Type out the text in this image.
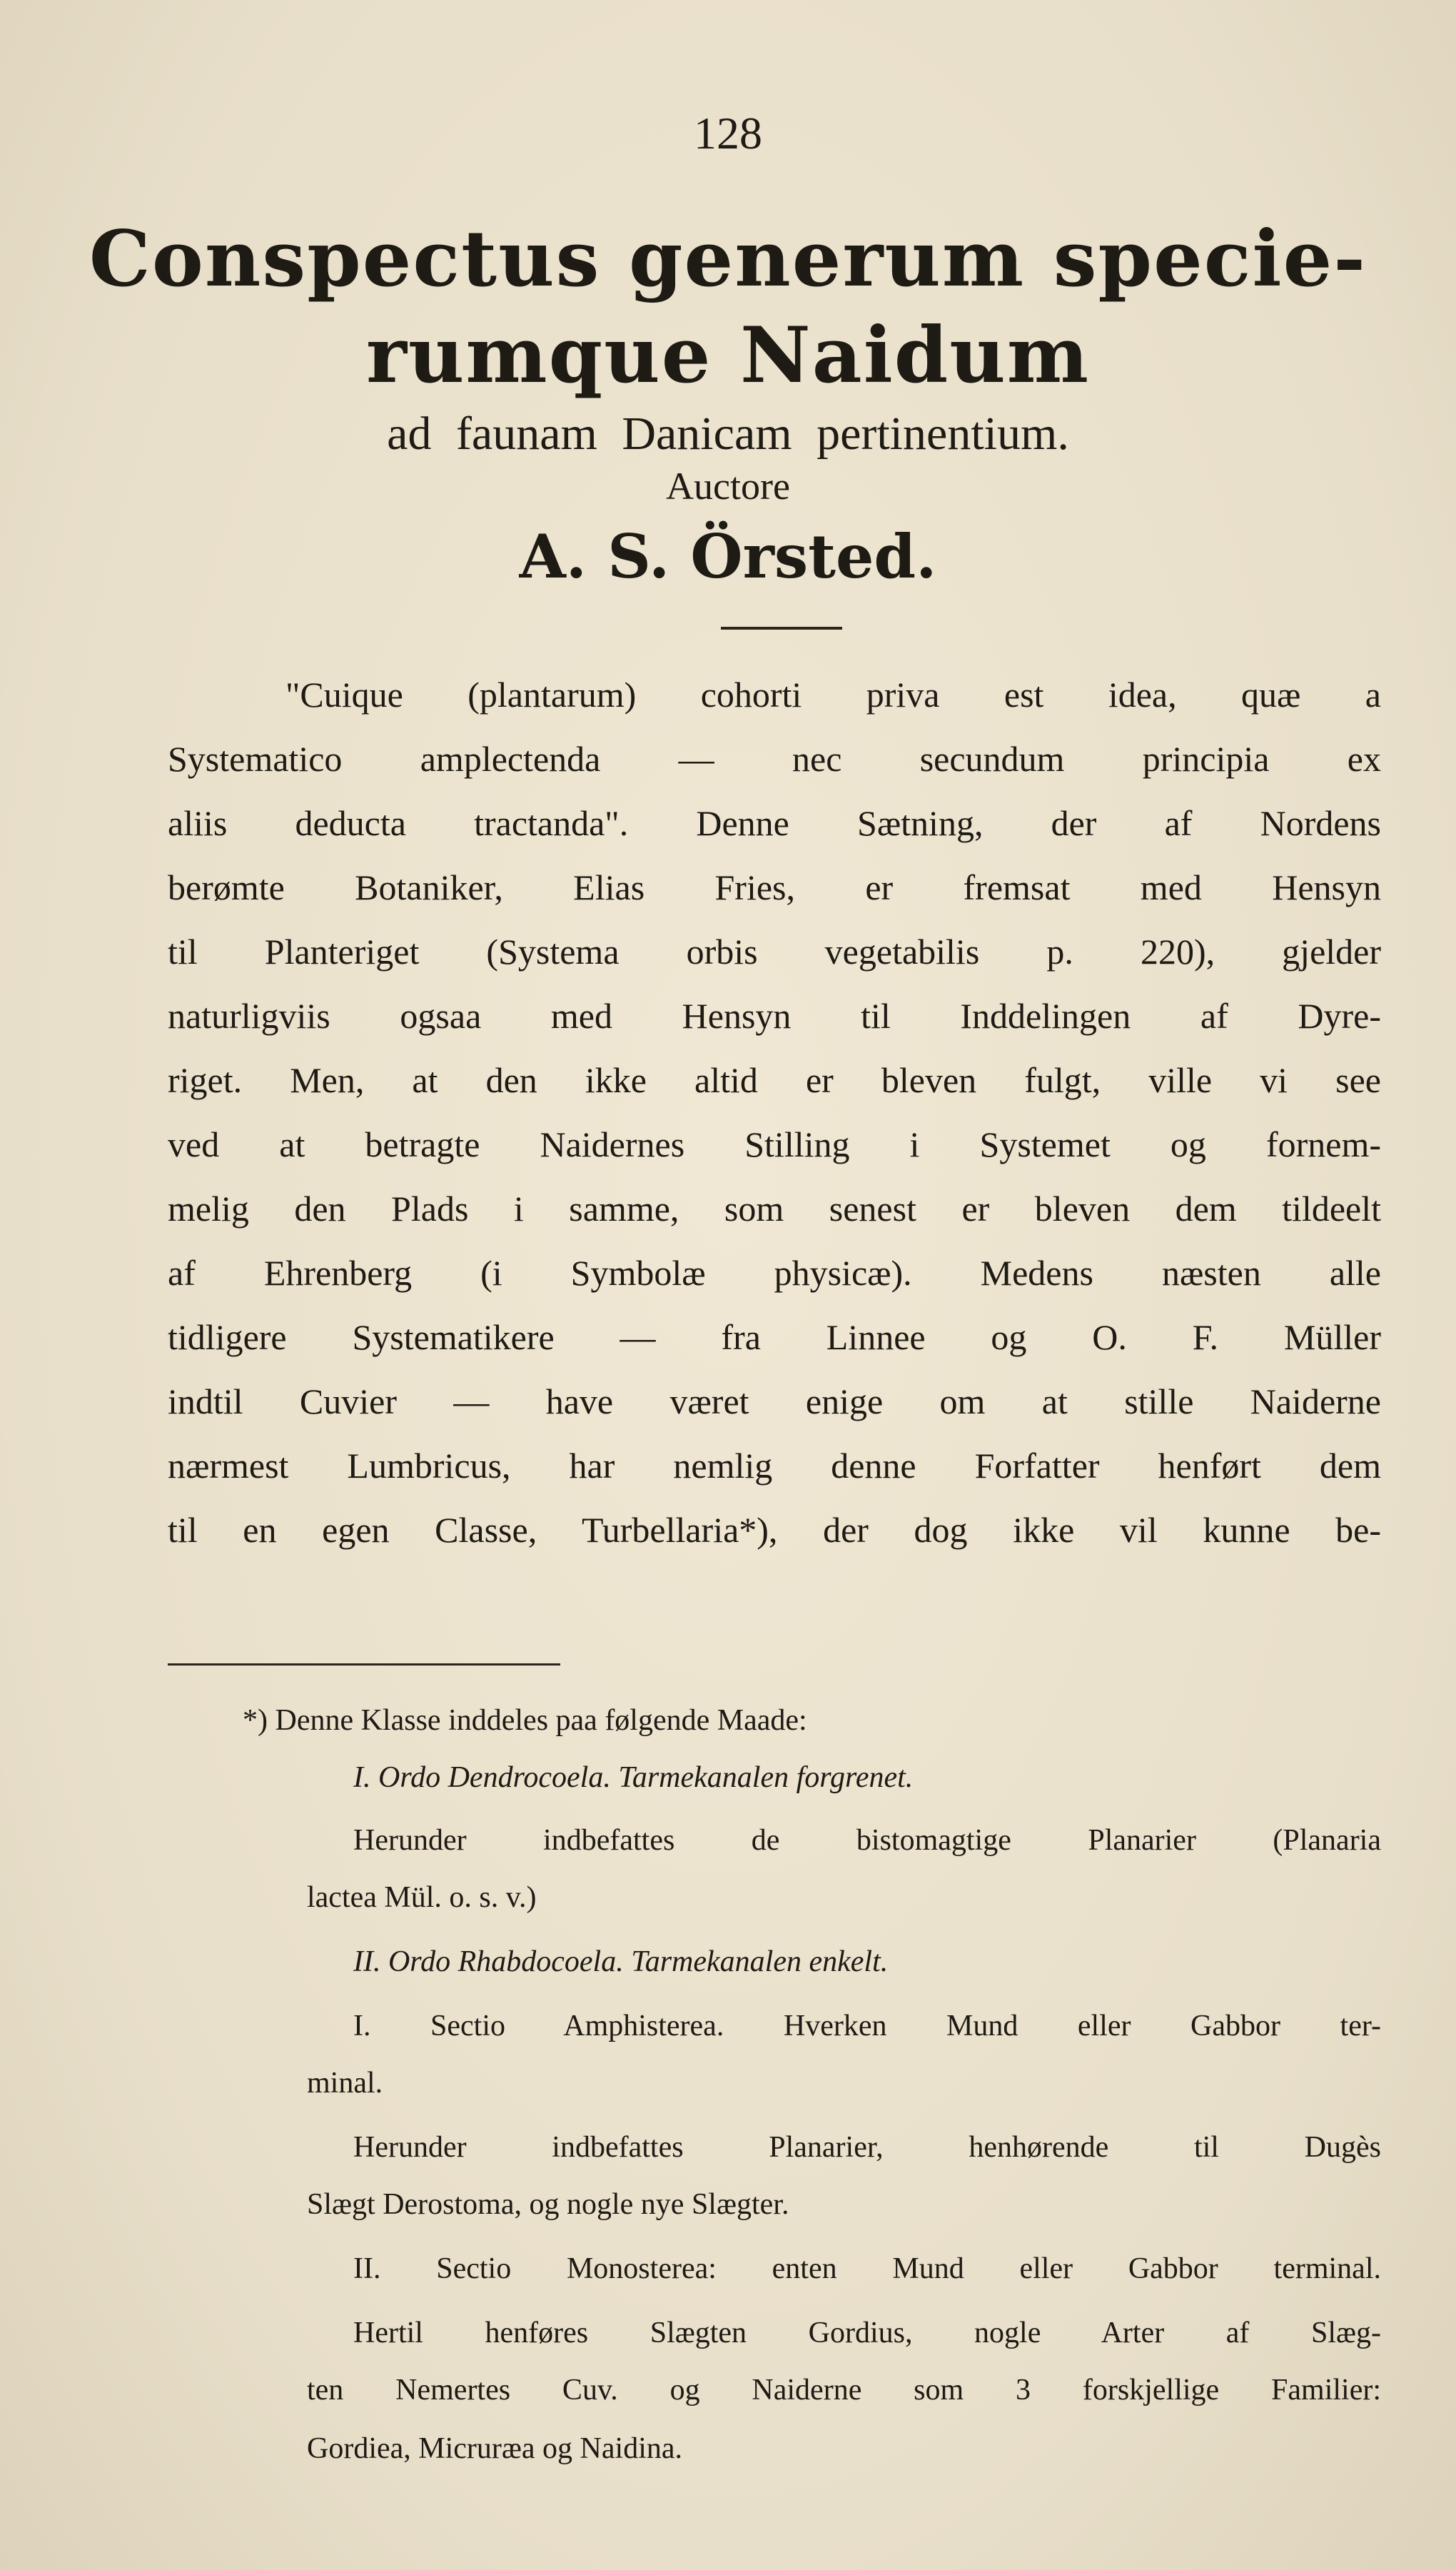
128
Conspectus generum specie-
rumque Naidum
ad faunam Danicam pertinentium.
Auctore
A. S. Örsted.
"Cuique (plantarum) cohorti priva est idea, quæ a
Systematico amplectenda — nec secundum principia ex
aliis deducta tractanda". Denne Sætning, der af Nordens
berømte Botaniker, Elias Fries, er fremsat med Hensyn
til Planteriget (Systema orbis vegetabilis p. 220), gjelder
naturligviis ogsaa med Hensyn til Inddelingen af Dyre-
riget. Men, at den ikke altid er bleven fulgt, ville vi see
ved at betragte Naidernes Stilling i Systemet og fornem-
melig den Plads i samme, som senest er bleven dem tildeelt
af Ehrenberg (i Symbolæ physicæ). Medens næsten alle
tidligere Systematikere — fra Linnee og O. F. Müller
indtil Cuvier — have været enige om at stille Naiderne
nærmest Lumbricus, har nemlig denne Forfatter henført dem
til en egen Classe, Turbellaria*), der dog ikke vil kunne be-
*) Denne Klasse inddeles paa følgende Maade:
I. Ordo Dendrocoela. Tarmekanalen forgrenet.
Herunder indbefattes de bistomagtige Planarier (Planaria
lactea Mül. o. s. v.)
II. Ordo Rhabdocoela. Tarmekanalen enkelt.
I. Sectio Amphisterea. Hverken Mund eller Gabbor ter-
minal.
Herunder indbefattes Planarier, henhørende til Dugès
Slægt Derostoma, og nogle nye Slægter.
II. Sectio Monosterea: enten Mund eller Gabbor terminal.
Hertil henføres Slægten Gordius, nogle Arter af Slæg-
ten Nemertes Cuv. og Naiderne som 3 forskjellige Familier:
Gordiea, Micruræa og Naidina.
